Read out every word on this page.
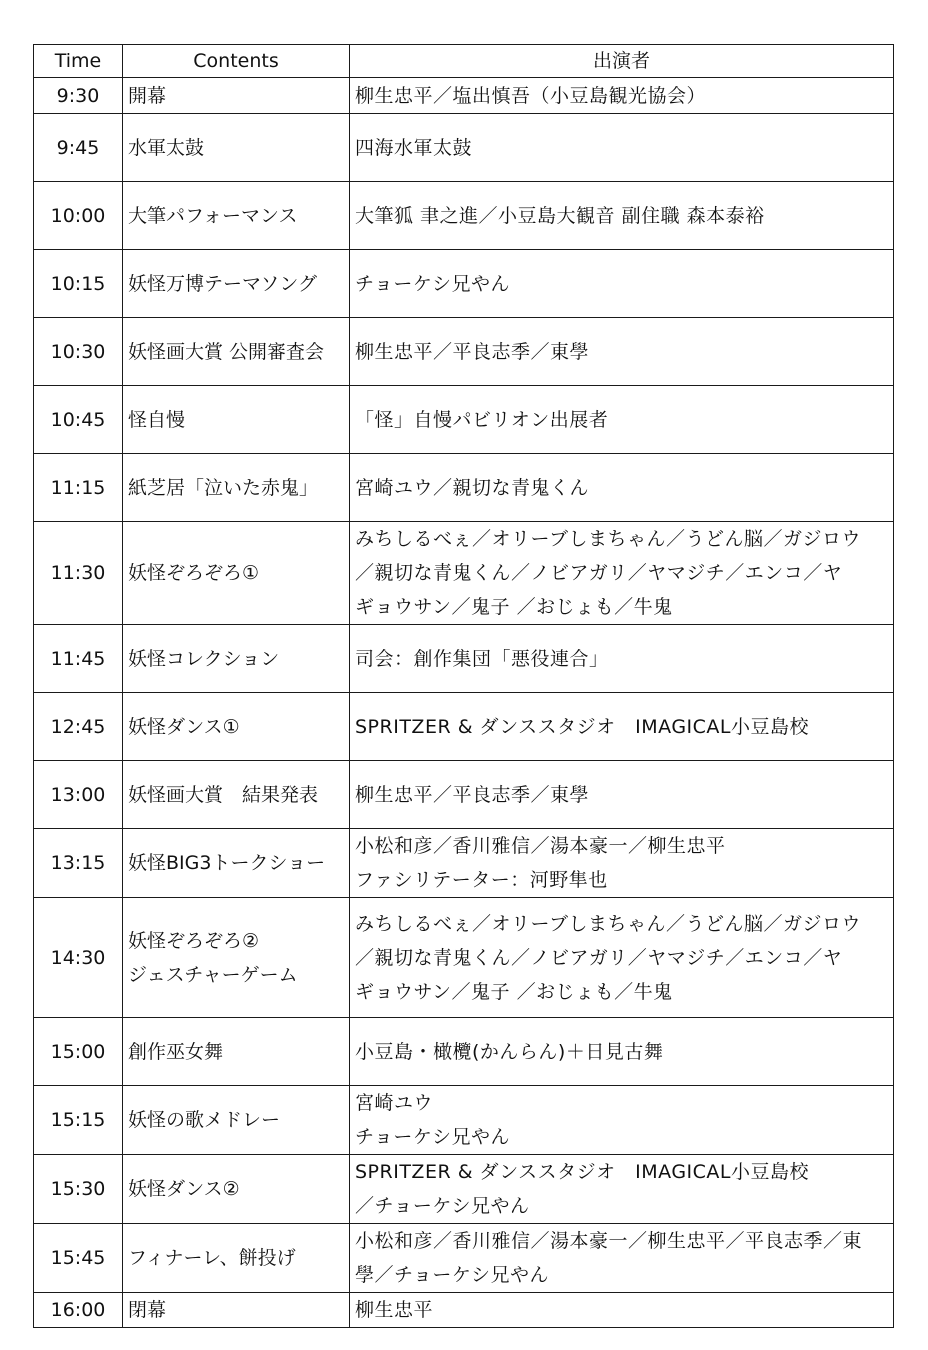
Time	Contents	出演者
9:30	開幕	柳生忠平／塩出慎吾（小豆島観光協会）
9:45	水軍太鼓	四海水軍太鼓
10:00	大筆パフォーマンス	大筆狐 聿之進／小豆島大観音 副住職 森本泰裕
10:15	妖怪万博テーマソング	チョーケシ兄やん
10:30	妖怪画大賞 公開審査会	柳生忠平／平良志季／東學
10:45	怪自慢	「怪」自慢パビリオン出展者
11:15	紙芝居「泣いた赤鬼」	宮崎ユウ／親切な青鬼くん
11:30	妖怪ぞろぞろ①	みちしるべぇ／オリーブしまちゃん／うどん脳／ガジロウ
／親切な青鬼くん／ノビアガリ／ヤマジチ／エンコ／ヤ
ギョウサン／鬼子 ／おじょも／牛鬼
11:45	妖怪コレクション	司会：創作集団「悪役連合」
12:45	妖怪ダンス①	SPRITZER & ダンススタジオ　IMAGICAL小豆島校
13:00	妖怪画大賞　結果発表	柳生忠平／平良志季／東學
13:15	妖怪BIG3トークショー	小松和彦／香川雅信／湯本豪一／柳生忠平
ファシリテーター：河野隼也
14:30	妖怪ぞろぞろ②
ジェスチャーゲーム	みちしるべぇ／オリーブしまちゃん／うどん脳／ガジロウ
／親切な青鬼くん／ノビアガリ／ヤマジチ／エンコ／ヤ
ギョウサン／鬼子 ／おじょも／牛鬼
15:00	創作巫女舞	小豆島・橄欖(かんらん)＋日見古舞
15:15	妖怪の歌メドレー	宮崎ユウ
チョーケシ兄やん
15:30	妖怪ダンス②	SPRITZER & ダンススタジオ　IMAGICAL小豆島校
／チョーケシ兄やん
15:45	フィナーレ、餅投げ	小松和彦／香川雅信／湯本豪一／柳生忠平／平良志季／東
學／チョーケシ兄やん
16:00	閉幕	柳生忠平
